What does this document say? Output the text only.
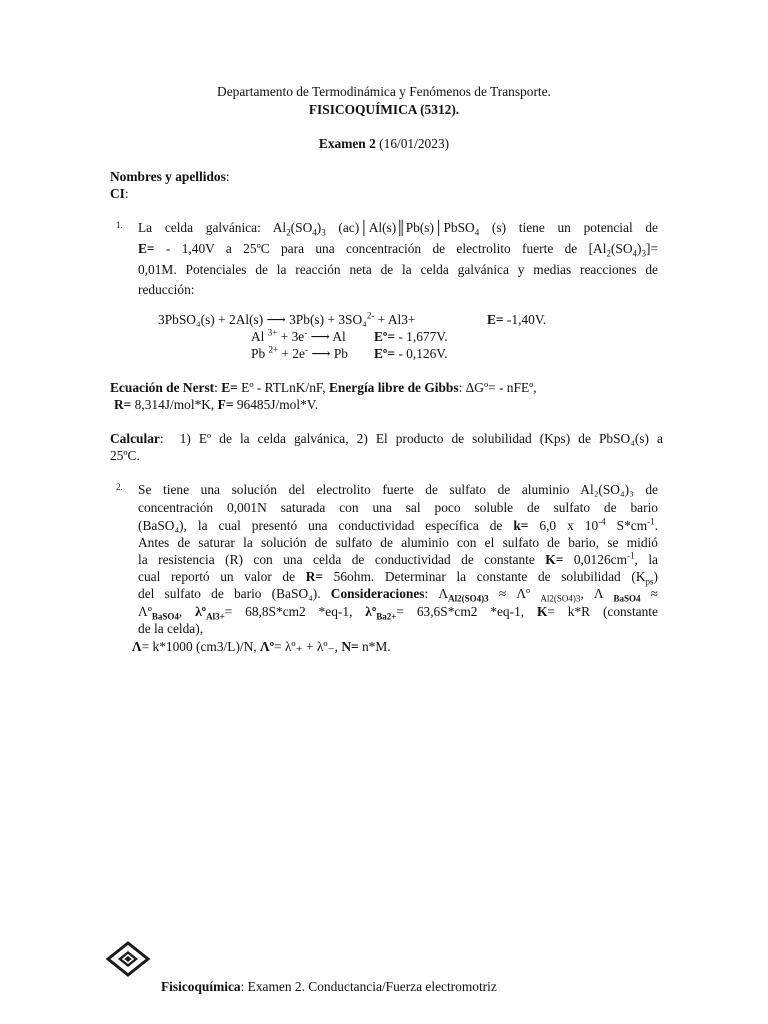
Departamento de Termodinámica y Fenómenos de Transporte.
FISICOQUÍMICA (5312).
Examen 2 (16/01/2023)
Nombres y apellidos:
CI:
1. La celda galvánica: $Al_2(SO_4)_3$ (ac)│Al(s)║Pb(s)│PbSO$_4$ (s) tiene un potencial de
E= - 1,40V a 25ºC para una concentración de electrolito fuerte de $[Al_2(SO_4)_3]=$
0,01M. Potenciales de la reacción neta de la celda galvánica y medias reacciones de
reducción:
3PbSO₄(s) + 2Al(s) ⟶ 3Pb(s) + 3SO₄$^{2-}$ + Al3+	E= -1,40V.
Al $^{3+}$ + 3e- ⟶ Al Eº= - 1,677V.
Pb $^{2+}$ + 2e- ⟶ Pb Eº= - 0,126V.
Ecuación de Nerst: E= Eº - RTLnK/nF, Energía libre de Gibbs: ΔGº= - nFEº,
R= 8,314J/mol*K, F= 96485J/mol*V.
Calcular:  1) Eº de la celda galvánica, 2) El producto de solubilidad (Kps) de PbSO₄(s) a
25ºC.
2. Se tiene una solución del electrolito fuerte de sulfato de aluminio Al₂(SO₄)₃ de
concentración 0,001N saturada con una sal poco soluble de sulfato de bario
(BaSO₄), la cual presentó una conductividad específica de k= 6,0 x $10^{-4}$ $S*cm^{-1}$.
Antes de saturar la solución de sulfato de aluminio con el sulfato de bario, se midió
la resistencia (R) con una celda de conductividad de constante $K= 0,0126cm^{-1}$, la
cual reportó un valor de R= 56ohm. Determinar la constante de solubilidad $(K_{ps})$
del sulfato de bario (BaSO₄). Consideraciones: $\Lambda_{Al2(SO4)3}$ ≈ Λº $_{Al2(SO4)3}$, Λ $_{BaSO4}$ ≈
Λº$_{BaSO4}$, λº$_{Al3+}$= 68,8S*cm2 *eq-1, λº$_{Ba2+}$= 63,6S*cm2 *eq-1, K= k*R (constante
de la celda),
Λ= k*1000 (cm3/L)/N, Λº= λº₊ + λº₋, N= n*M.
Fisicoquímica: Examen 2. Conductancia/Fuerza electromotriz
